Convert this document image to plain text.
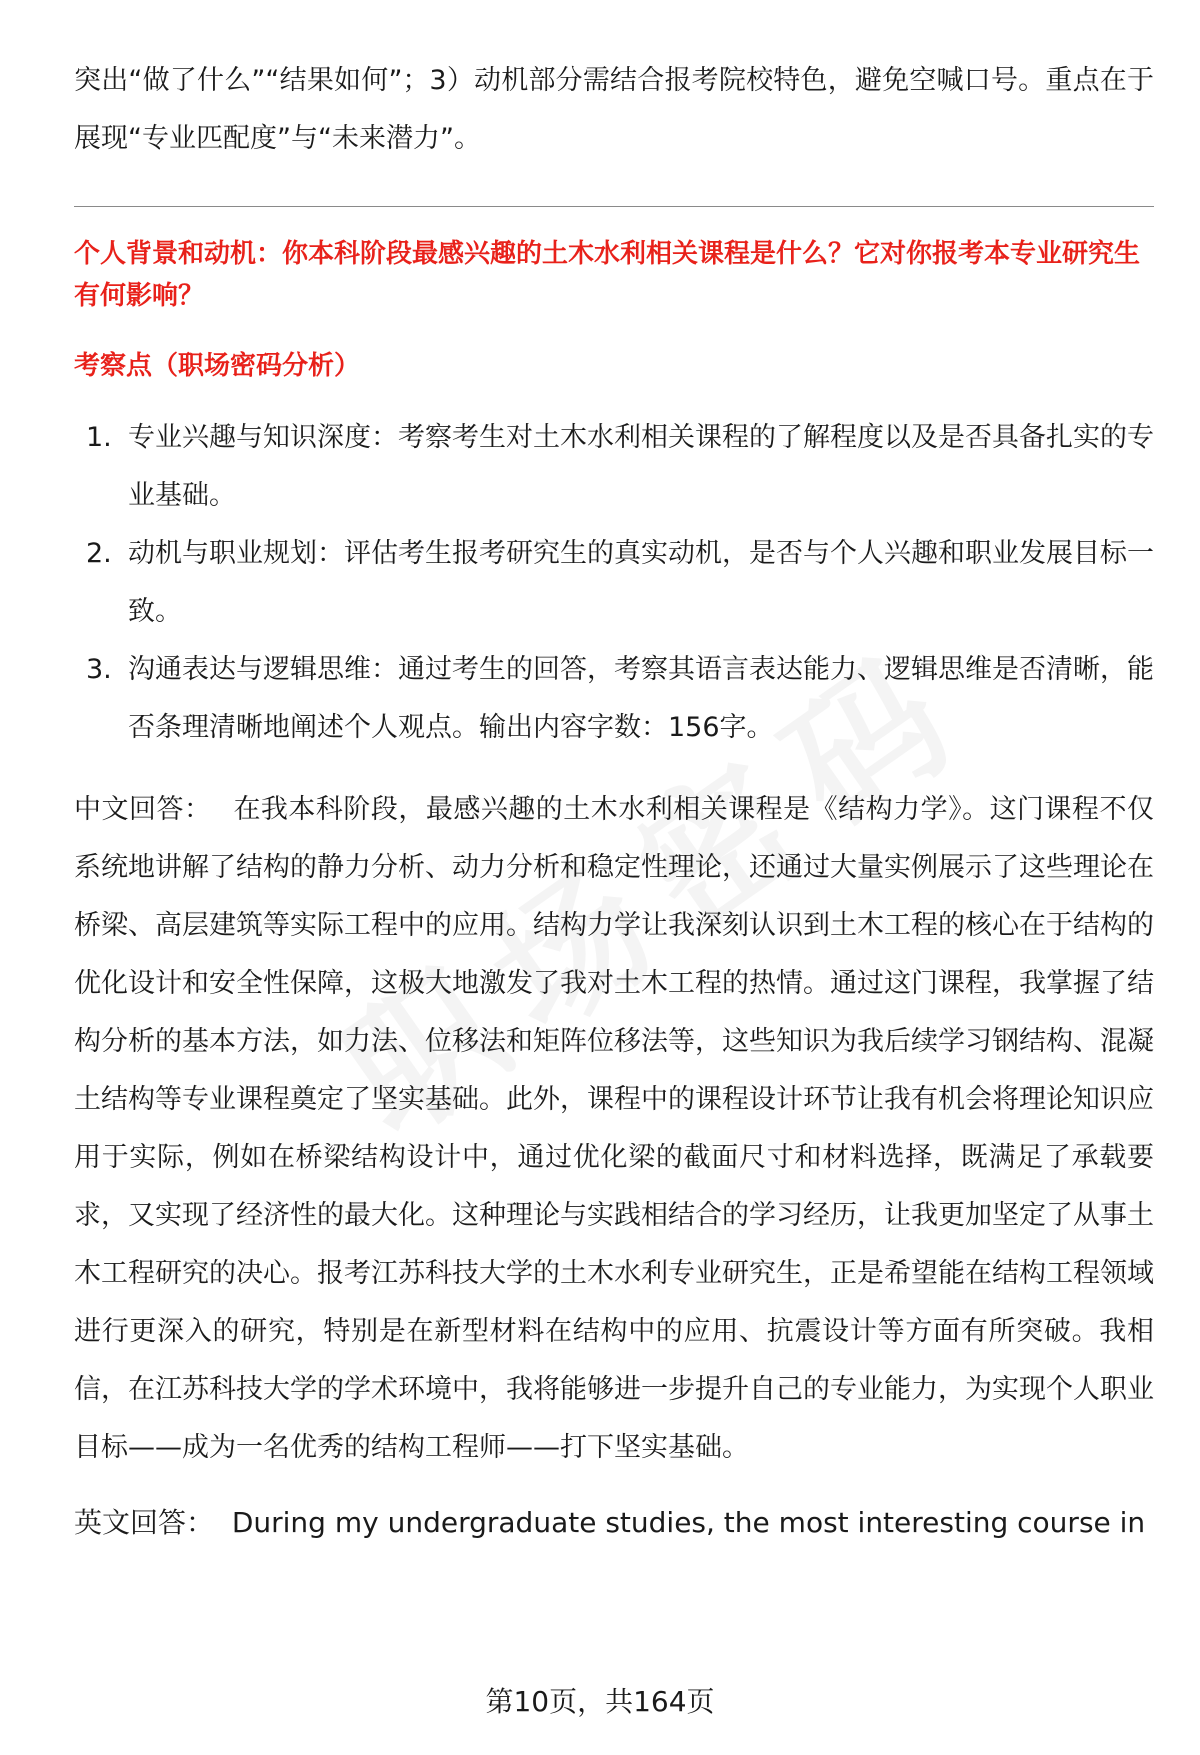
突出“做了什么”“结果如何”；3）动机部分需结合报考院校特色，避免空喊口号。重点在于展现“专业匹配度”与“未来潜力”。

个人背景和动机：你本科阶段最感兴趣的土木水利相关课程是什么？它对你报考本专业研究生有何影响？

考察点（职场密码分析）

1. 专业兴趣与知识深度：考察考生对土木水利相关课程的了解程度以及是否具备扎实的专业基础。
2. 动机与职业规划：评估考生报考研究生的真实动机，是否与个人兴趣和职业发展目标一致。
3. 沟通表达与逻辑思维：通过考生的回答，考察其语言表达能力、逻辑思维是否清晰，能否条理清晰地阐述个人观点。输出内容字数：156字。

中文回答： 在我本科阶段，最感兴趣的土木水利相关课程是《结构力学》。这门课程不仅系统地讲解了结构的静力分析、动力分析和稳定性理论，还通过大量实例展示了这些理论在桥梁、高层建筑等实际工程中的应用。结构力学让我深刻认识到土木工程的核心在于结构的优化设计和安全性保障，这极大地激发了我对土木工程的热情。通过这门课程，我掌握了结构分析的基本方法，如力法、位移法和矩阵位移法等，这些知识为我后续学习钢结构、混凝土结构等专业课程奠定了坚实基础。此外，课程中的课程设计环节让我有机会将理论知识应用于实际，例如在桥梁结构设计中，通过优化梁的截面尺寸和材料选择，既满足了承载要求，又实现了经济性的最大化。这种理论与实践相结合的学习经历，让我更加坚定了从事土木工程研究的决心。报考江苏科技大学的土木水利专业研究生，正是希望能在结构工程领域进行更深入的研究，特别是在新型材料在结构中的应用、抗震设计等方面有所突破。我相信，在江苏科技大学的学术环境中，我将能够进一步提升自己的专业能力，为实现个人职业目标——成为一名优秀的结构工程师——打下坚实基础。

英文回答： During my undergraduate studies, the most interesting course in

第10页，共164页
